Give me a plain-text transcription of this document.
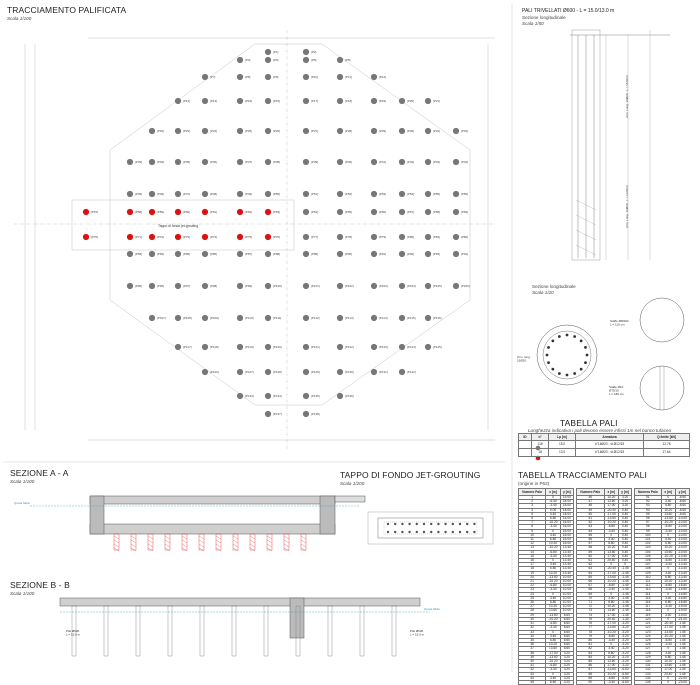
TRACCIAMENTO PALIFICATA
Scala 1/100
PALI TRIVELLATI Ø600 - L = 15.0/13.0 m
Sezione longitudinale
Scala 1/50
Sezione longitudinale
Scala 1/20
TABELLA PALI
Lunghezza indicativa i pali devono essere infissi 1m nel banco tufaceo
TABELLA TRACCIAMENTO PALI
(origine in P62)
SEZIONE A - A
Scala 1/100
TAPPO DI FONDO JET-GROUTING
Scala 1/200
SEZIONE B - B
Scala 1/100
Tappo di fondo jet-grouting
[P1]	[P2]
[P3]	[P4]	[P5]	[P6]
[P7]	[P8]	[P9]	[P10]	[P11]	[P12]
[P13]	[P14]	[P15]	[P16]	[P17]	[P18]	[P19]	[P20]	[P21]
[P22]	[P23]	[P24]	[P25]	[P26]	[P27]	[P28]	[P29]	[P30]	[P31]	[P32]
[P33]	[P34]	[P35]	[P36]	[P37]	[P38]	[P39]	[P40]	[P41]	[P42]	[P43]	[P44]
[P45]	[P46]	[P47]	[P48]	[P49]	[P50]	[P51]	[P52]	[P53]	[P54]	[P55]	[P56]
[P57]	[P58]	[P59]	[P60]	[P61]	[P62]	[P63]	[P64]	[P65]	[P66]	[P67]	[P68]	[P69]
[P70]	[P71]	[P72]	[P73]	[P74]	[P75]	[P76]	[P77]	[P78]	[P79]	[P80]	[P81]	[P82]
[P83]	[P84]	[P85]	[P86]	[P87]	[P88]	[P89]	[P90]	[P91]	[P92]	[P93]	[P94]
[P95]	[P96]	[P97]	[P98]	[P99]	[P100]	[P101]	[P102]	[P103]	[P104]	[P105]	[P106]
[P107]	[P108]	[P109]	[P110]	[P111]	[P112]	[P113]	[P114]	[P115]	[P116]
[P117]	[P118]	[P119]	[P120]	[P121]	[P122]	[P123]	[P124]	[P125]
[P126]	[P127]	[P128]	[P129]	[P130]	[P131]	[P132]
[P133]	[P134]	[P135]	[P136]
[P137]	[P138]
Arm. Long. 16Ø20 - L = 15.00 m
Arm. Long. 16Ø20 - L = 13.00 m
Staffe Ø8/200 L = 110 cm
Arm. long. 16Ø20
Staffe Ø10 Ø75/10 L = 180 cm
Quota falda
Pali Ø600 L = 15.0 m
Pali Ø600 L = 15.0 m
Quota falda
ID	n°	Lp [m]	Armatura	Q limite [kN]
	116	15.0	n°16Ø20 - st.Ø12/15	12.78
	18	13.0	n°16Ø20 - st.Ø12/15	17.64
Numero Palo	x [m]	y [m]
1	0	19.00
2	-6.40	18.00
3	-3.40	18.00
4	0.00	18.00
5	3.40	18.00
6	6.80	16.00
7	-10.20	16.00
8	-3.40	16.00
9	0	16.00
10	3.40	16.00
11	6.80	16.00
12	10.20	16.00
13	-10.20	13.40
14	-6.80	13.40
15	-3.40	13.40
16	0	13.40
17	3.40	13.40
18	6.80	13.40
19	10.20	13.40
20	-13.60	10.00
21	-10.20	10.00
22	-6.80	10.00
23	-3.40	10.00
24	0	10.00
25	3.40	10.00
26	6.80	10.00
27	10.20	10.00
28	13.60	10.00
29	-13.60	6.60
30	-10.20	6.60
31	-6.80	6.60
32	-3.40	6.60
33	0	6.60
34	3.40	6.60
35	6.80	6.60
36	10.20	6.60
37	13.60	6.60
38	-17.00	3.20
39	-13.60	3.20
40	-10.20	3.20
41	-6.80	3.20
42	-3.40	3.20
43	0	3.20
44	3.40	3.20
45	6.80	3.20
Numero Palo	x [m]	y [m]
46	10.20	3.20
47	13.60	3.20
48	17.00	3.20
49	-20.40	0.40
50	-17.00	0.40
51	-13.60	0.40
52	-10.20	0.40
53	-6.80	0.40
54	-3.40	0.40
55	0	0.40
56	3.40	0.40
57	6.80	0.40
58	10.20	0.40
59	13.60	0.40
60	17.00	0.40
61	20.40	0.40
62	0	0
63	-20.40	-1.45
64	-17.00	-1.45
65	-13.60	-1.45
66	-10.20	-1.45
67	-6.80	-1.45
68	-3.40	-1.45
69	0	-1.45
70	3.40	-1.45
71	6.80	-1.45
72	10.20	-1.45
73	13.60	-1.45
74	17.00	-1.45
75	20.40	-1.45
76	-17.00	-3.20
77	-13.60	-3.20
78	-10.20	-3.20
79	-6.80	-3.20
80	-3.40	-3.20
81	0	-3.20
82	3.40	-3.20
83	6.80	-3.20
84	10.20	-3.20
85	13.60	-3.20
86	17.00	-3.20
87	-13.60	-6.60
88	-10.20	-6.60
89	-6.80	-6.60
90	-3.40	-6.60
Numero Palo	x [m]	y [m]
91	0	-6.60
92	3.40	-6.60
93	6.80	-6.60
94	10.20	-6.60
95	13.60	-6.60
96	-13.60	-10.00
97	-10.20	-10.00
98	-6.80	-10.00
99	-3.40	-10.00
100	0	-10.00
101	3.40	-10.00
102	6.80	-10.00
103	10.20	-10.00
104	13.60	-10.00
105	-10.20	-13.40
106	-6.80	-13.40
107	-3.40	-13.40
108	0	-13.40
109	3.40	-13.40
110	6.80	-13.40
111	10.20	-13.40
112	-6.80	-16.80
113	-3.40	-16.80
114	0	-16.80
115	3.40	-16.80
116	6.80	-16.80
117	-3.40	-19.00
118	0	-19.00
119	3.40	-19.00
120	0	-21.00
121	-20.40	1.45
122	-17.00	1.45
123	-13.60	1.45
124	-10.20	1.45
125	-6.80	1.45
126	-3.40	1.45
127	0	1.45
128	3.40	1.45
129	6.80	1.45
130	10.20	1.45
131	13.60	1.45
132	17.00	1.45
133	20.40	1.45
134	0	-22.00
135	0	-23.00
